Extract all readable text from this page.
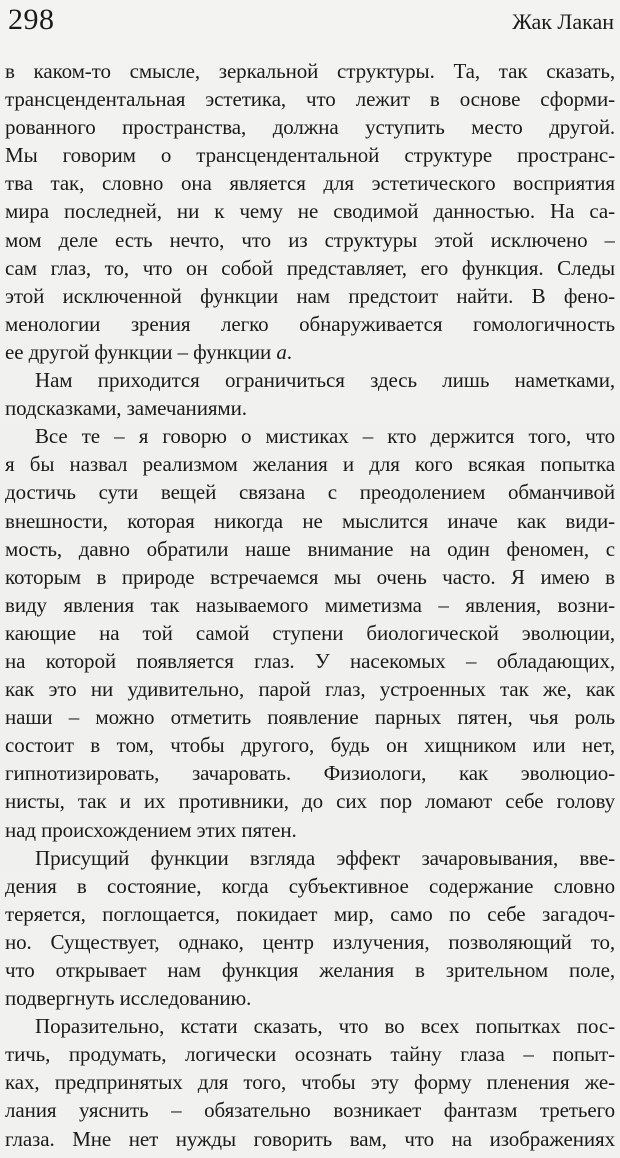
298	Жак Лакан
в каком-то смысле, зеркальной структуры. Та, так сказать,
трансцендентальная эстетика, что лежит в основе сформи-
рованного пространства, должна уступить место другой.
Мы говорим о трансцендентальной структуре пространс-
тва так, словно она является для эстетического восприятия
мира последней, ни к чему не сводимой данностью. На са-
мом деле есть нечто, что из структуры этой исключено –
сам глаз, то, что он собой представляет, его функция. Следы
этой исключенной функции нам предстоит найти. В фено-
менологии зрения легко обнаруживается гомологичность
ее другой функции – функции а.
Нам приходится ограничиться здесь лишь наметками,
подсказками, замечаниями.
Все те – я говорю о мистиках – кто держится того, что
я бы назвал реализмом желания и для кого всякая попытка
достичь сути вещей связана с преодолением обманчивой
внешности, которая никогда не мыслится иначе как види-
мость, давно обратили наше внимание на один феномен, с
которым в природе встречаемся мы очень часто. Я имею в
виду явления так называемого миметизма – явления, возни-
кающие на той самой ступени биологической эволюции,
на которой появляется глаз. У насекомых – обладающих,
как это ни удивительно, парой глаз, устроенных так же, как
наши – можно отметить появление парных пятен, чья роль
состоит в том, чтобы другого, будь он хищником или нет,
гипнотизировать, зачаровать. Физиологи, как эволюцио-
нисты, так и их противники, до сих пор ломают себе голову
над происхождением этих пятен.
Присущий функции взгляда эффект зачаровывания, вве-
дения в состояние, когда субъективное содержание словно
теряется, поглощается, покидает мир, само по себе загадоч-
но. Существует, однако, центр излучения, позволяющий то,
что открывает нам функция желания в зрительном поле,
подвергнуть исследованию.
Поразительно, кстати сказать, что во всех попытках пос-
тичь, продумать, логически осознать тайну глаза – попыт-
ках, предпринятых для того, чтобы эту форму пленения же-
лания уяснить – обязательно возникает фантазм третьего
глаза. Мне нет нужды говорить вам, что на изображениях
